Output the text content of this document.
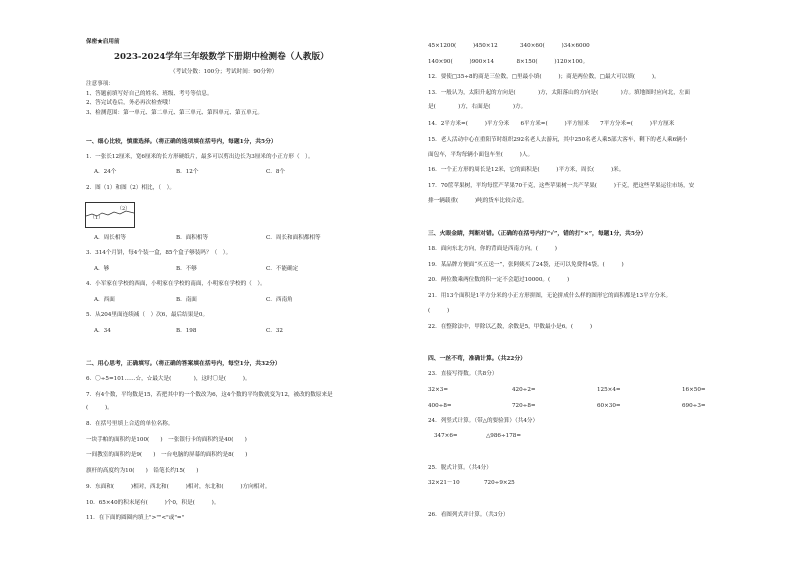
保密★启用前
2023-2024学年三年级数学下册期中检测卷（人教版）
（考试分数：100分；考试时间：90分钟）
注意事项：
1、答题前填写好自己的姓名、班级、考号等信息。
2、答完试卷后，务必再次检查哦！
3、检测范围：第一单元、第二单元、第三单元、第四单元、第五单元。
一、细心比较，慎重选择。（将正确的选项填在括号内，每题1分，共5分）
1．一张长12厘米，宽6厘米的长方形硬纸片，最多可以剪出边长为3厘米的小正方形（　）。
A．24个	B．12个	C．8个
2．图（1）和图（2）相比，（　）。
（1）
（2）
A．周长相等	B．面积相等	C．周长和面积都相等
3．314个月饼，每4个装一盒，85个盒子够装吗？（　）。
A．够	B．不够	C．不能确定
4．小军家在学校的西面，小明家在学校的南面，小明家在学校的（　）。
A．西面	B．南面	C．西南角
5．从204里面连续减（　）次6，最后结果是0。
A．34	B．198	C．32
二、用心思考，正确填写。（将正确的答案填在括号内，每空1分，共32分）
6．〇÷5=101……☆，☆最大是(　　　　)，这时〇是(　　　)。
7．有4个数，平均数是15，若把其中的一个数改为6，这4个数的平均数就变为12，被改的数原来是
(　　　)。
8．在括号里填上合适的单位名称。
一块手帕的面积约是100(　　)　一张银行卡的面积约是40(　　)
一间教室的面积约是9(　　)　一台电脑的屏幕的面积约是8(　　)
旗杆的高度约为10(　　)　铅笔长约15(　　)
9．东面和(　　　)相对，西北和(　　　)相对，东北和(　　　)方向相对。
10．65×40的积末尾有(　　　)个0，积是(　　　)。
11．在下面的圆圈内填上">""<"或"="
45×1200(　　　)450×12　　　　340×60(　　　)34×6000
140×90(　　　)900×14　　　　8×150(　　　)120×100。
12．要使□35÷8的商是三位数，□里最小填(　　　)；商是两位数，□最大可以填(　　　)。
13．一般认为，太阳升起的方向是(　　　　)方，太阳落山的方向是(　　　　)方。填地图时应向北，左面
是(　　　　)方，右面是(　　　　)方。
14．2平方米=(　　　)平方分米　　6平方米=(　　　)平方厘米　　7平方分米=(　　　)平方厘米
15．老人活动中心在重阳节时组织292名老人去游玩，其中250名老人乘5部大客车，剩下的老人乘6辆小
面包车，平均每辆小面包车坐(　　　)人。
16．一个正方形的周长是12米，它的面积是(　　　)平方米，周长(　　　)米。
17．70筐苹果树，平均每筐产苹果70千克，这些苹果树一共产苹果(　　　)千克，把这些苹果运往市场，安
排一辆载重(　　　)吨的货车比较合适。
三、火眼金睛，判断对错。（正确的在括号内打“√”，错的打“×”，每题1分，共5分）
18．面向东北方向，你的背面是西南方向。(　　　)
19．某品牌方便面“买五送一”，张阿姨买了24袋，还可以免费得4袋。(　　　)
20．两位数乘两位数的积一定不会超过10000。(　　　)
21．用13个面积是1平方分米的小正方形拼图，无论拼成什么样的图形它的面积都是13平方分米。
(　　　)
22．在整除法中，甲除以乙数，余数是5，甲数最小是6。(　　　)
四、一丝不苟，准确计算。（共22分）
23．直接写得数。（共8分）
32×3=	420÷2=	125×4=	16×50=
400÷8=	720÷8=	60×30=	690÷3=
24．列竖式计算。（带△的要验算）（共4分）
347×6=	△986÷178=
25．脱式计算。（共4分）
32×21－10	720÷9×25
26．看图列式并计算。（共3分）
